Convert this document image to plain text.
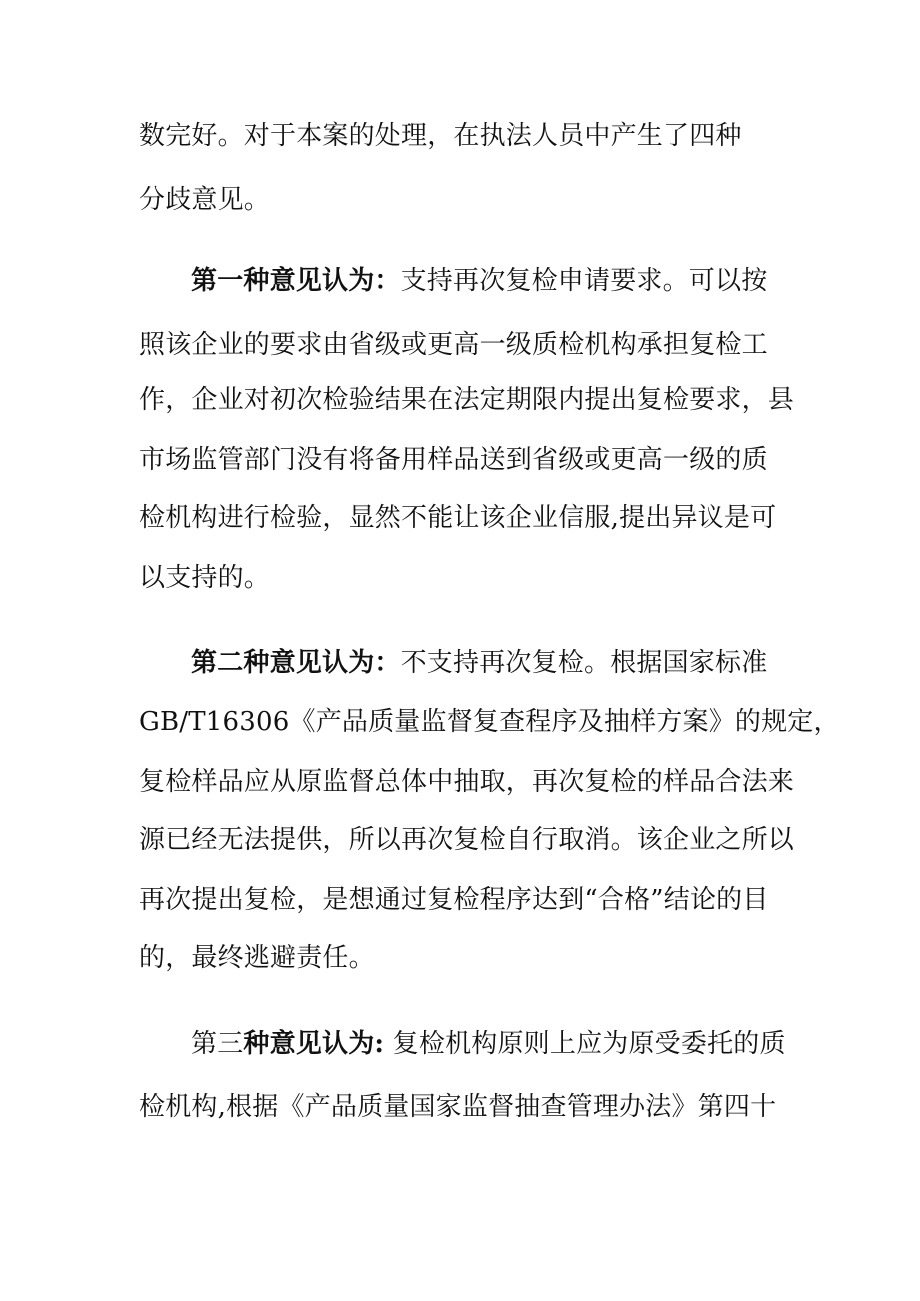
数完好。对于本案的处理，在执法人员中产生了四种
分歧意见。
第一种意见认为：支持再次复检申请要求。可以按
照该企业的要求由省级或更高一级质检机构承担复检工
作，企业对初次检验结果在法定期限内提出复检要求，县
市场监管部门没有将备用样品送到省级或更高一级的质
检机构进行检验，显然不能让该企业信服,提出异议是可
以支持的。
第二种意见认为：不支持再次复检。根据国家标准
GB/T16306《产品质量监督复查程序及抽样方案》的规定，
复检样品应从原监督总体中抽取，再次复检的样品合法来
源已经无法提供，所以再次复检自行取消。该企业之所以
再次提出复检，是想通过复检程序达到“合格”结论的目
的，最终逃避责任。
第三种意见认为: 复检机构原则上应为原受委托的质
检机构,根据《产品质量国家监督抽查管理办法》第四十
